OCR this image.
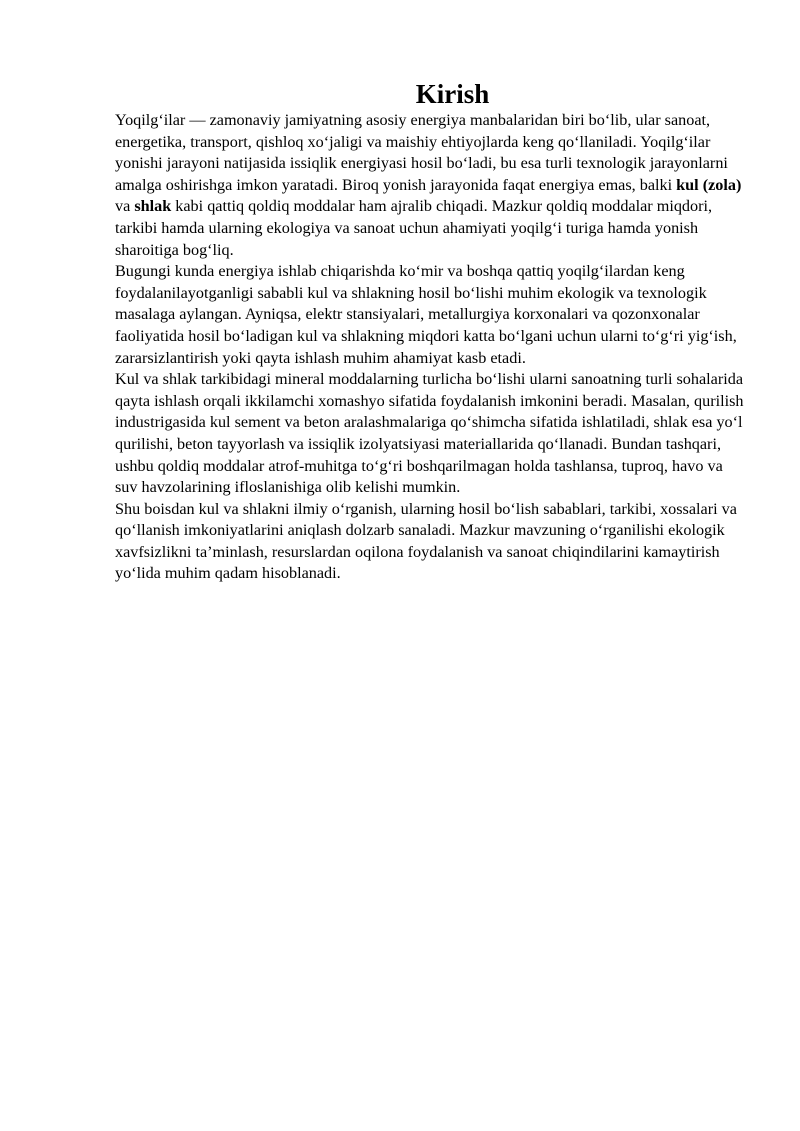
Kirish

Yoqilg‘ilar — zamonaviy jamiyatning asosiy energiya manbalaridan biri bo‘lib, ular sanoat, energetika, transport, qishloq xo‘jaligi va maishiy ehtiyojlarda keng qo‘llaniladi. Yoqilg‘ilar yonishi jarayoni natijasida issiqlik energiyasi hosil bo‘ladi, bu esa turli texnologik jarayonlarni amalga oshirishga imkon yaratadi. Biroq yonish jarayonida faqat energiya emas, balki kul (zola) va shlak kabi qattiq qoldiq moddalar ham ajralib chiqadi. Mazkur qoldiq moddalar miqdori, tarkibi hamda ularning ekologiya va sanoat uchun ahamiyati yoqilg‘i turiga hamda yonish sharoitiga bog‘liq.

Bugungi kunda energiya ishlab chiqarishda ko‘mir va boshqa qattiq yoqilg‘ilardan keng foydalanilayotganligi sababli kul va shlakning hosil bo‘lishi muhim ekologik va texnologik masalaga aylangan. Ayniqsa, elektr stansiyalari, metallurgiya korxonalari va qozonxonalar faoliyatida hosil bo‘ladigan kul va shlakning miqdori katta bo‘lgani uchun ularni to‘g‘ri yig‘ish, zararsizlantirish yoki qayta ishlash muhim ahamiyat kasb etadi.

Kul va shlak tarkibidagi mineral moddalarning turlicha bo‘lishi ularni sanoatning turli sohalarida qayta ishlash orqali ikkilamchi xomashyo sifatida foydalanish imkonini beradi. Masalan, qurilish industrigasida kul sement va beton aralashmalariga qo‘shimcha sifatida ishlatiladi, shlak esa yo‘l qurilishi, beton tayyorlash va issiqlik izolyatsiyasi materiallarida qo‘llanadi. Bundan tashqari, ushbu qoldiq moddalar atrof-muhitga to‘g‘ri boshqarilmagan holda tashlansa, tuproq, havo va suv havzolarining ifloslanishiga olib kelishi mumkin.

Shu boisdan kul va shlakni ilmiy o‘rganish, ularning hosil bo‘lish sabablari, tarkibi, xossalari va qo‘llanish imkoniyatlarini aniqlash dolzarb sanaladi. Mazkur mavzuning o‘rganilishi ekologik xavfsizlikni ta’minlash, resurslardan oqilona foydalanish va sanoat chiqindilarini kamaytirish yo‘lida muhim qadam hisoblanadi.
